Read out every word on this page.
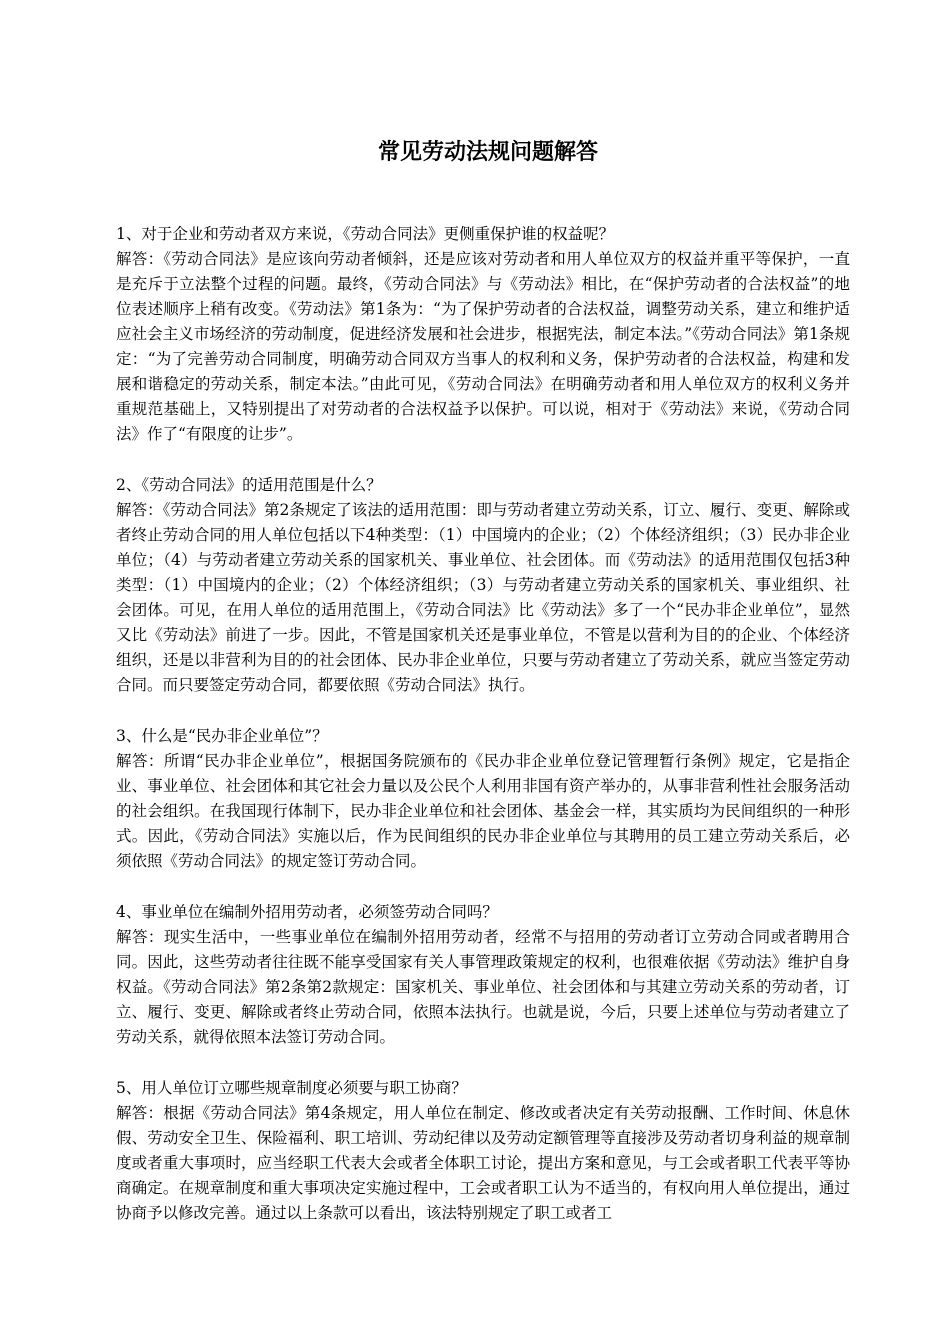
常见劳动法规问题解答

1、对于企业和劳动者双方来说，《劳动合同法》更侧重保护谁的权益呢？

解答：《劳动合同法》是应该向劳动者倾斜，还是应该对劳动者和用人单位双方的权益并重平等保护，一直是充斥于立法整个过程的问题。最终，《劳动合同法》与《劳动法》相比，在“保护劳动者的合法权益”的地位表述顺序上稍有改变。《劳动法》第1条为：“为了保护劳动者的合法权益，调整劳动关系，建立和维护适应社会主义市场经济的劳动制度，促进经济发展和社会进步，根据宪法，制定本法。”《劳动合同法》第1条规定：“为了完善劳动合同制度，明确劳动合同双方当事人的权利和义务，保护劳动者的合法权益，构建和发展和谐稳定的劳动关系，制定本法。”由此可见，《劳动合同法》在明确劳动者和用人单位双方的权利义务并重规范基础上，又特别提出了对劳动者的合法权益予以保护。可以说，相对于《劳动法》来说，《劳动合同法》作了“有限度的让步”。

2、《劳动合同法》的适用范围是什么？

解答：《劳动合同法》第2条规定了该法的适用范围：即与劳动者建立劳动关系，订立、履行、变更、解除或者终止劳动合同的用人单位包括以下4种类型：（1）中国境内的企业；（2）个体经济组织；（3）民办非企业单位；（4）与劳动者建立劳动关系的国家机关、事业单位、社会团体。而《劳动法》的适用范围仅包括3种类型：（1）中国境内的企业；（2）个体经济组织；（3）与劳动者建立劳动关系的国家机关、事业组织、社会团体。可见，在用人单位的适用范围上，《劳动合同法》比《劳动法》多了一个“民办非企业单位”，显然又比《劳动法》前进了一步。因此，不管是国家机关还是事业单位，不管是以营利为目的的企业、个体经济组织，还是以非营利为目的的社会团体、民办非企业单位，只要与劳动者建立了劳动关系，就应当签定劳动合同。而只要签定劳动合同，都要依照《劳动合同法》执行。

3、什么是“民办非企业单位”？

解答：所谓“民办非企业单位”，根据国务院颁布的《民办非企业单位登记管理暂行条例》规定，它是指企业、事业单位、社会团体和其它社会力量以及公民个人利用非国有资产举办的，从事非营利性社会服务活动的社会组织。在我国现行体制下，民办非企业单位和社会团体、基金会一样，其实质均为民间组织的一种形式。因此，《劳动合同法》实施以后，作为民间组织的民办非企业单位与其聘用的员工建立劳动关系后，必须依照《劳动合同法》的规定签订劳动合同。

4、事业单位在编制外招用劳动者，必须签劳动合同吗？

解答：现实生活中，一些事业单位在编制外招用劳动者，经常不与招用的劳动者订立劳动合同或者聘用合同。因此，这些劳动者往往既不能享受国家有关人事管理政策规定的权利，也很难依据《劳动法》维护自身权益。《劳动合同法》第2条第2款规定：国家机关、事业单位、社会团体和与其建立劳动关系的劳动者，订立、履行、变更、解除或者终止劳动合同，依照本法执行。也就是说，今后，只要上述单位与劳动者建立了劳动关系，就得依照本法签订劳动合同。

5、用人单位订立哪些规章制度必须要与职工协商？

解答：根据《劳动合同法》第4条规定，用人单位在制定、修改或者决定有关劳动报酬、工作时间、休息休假、劳动安全卫生、保险福利、职工培训、劳动纪律以及劳动定额管理等直接涉及劳动者切身利益的规章制度或者重大事项时，应当经职工代表大会或者全体职工讨论，提出方案和意见，与工会或者职工代表平等协商确定。在规章制度和重大事项决定实施过程中，工会或者职工认为不适当的，有权向用人单位提出，通过协商予以修改完善。通过以上条款可以看出，该法特别规定了职工或者工
